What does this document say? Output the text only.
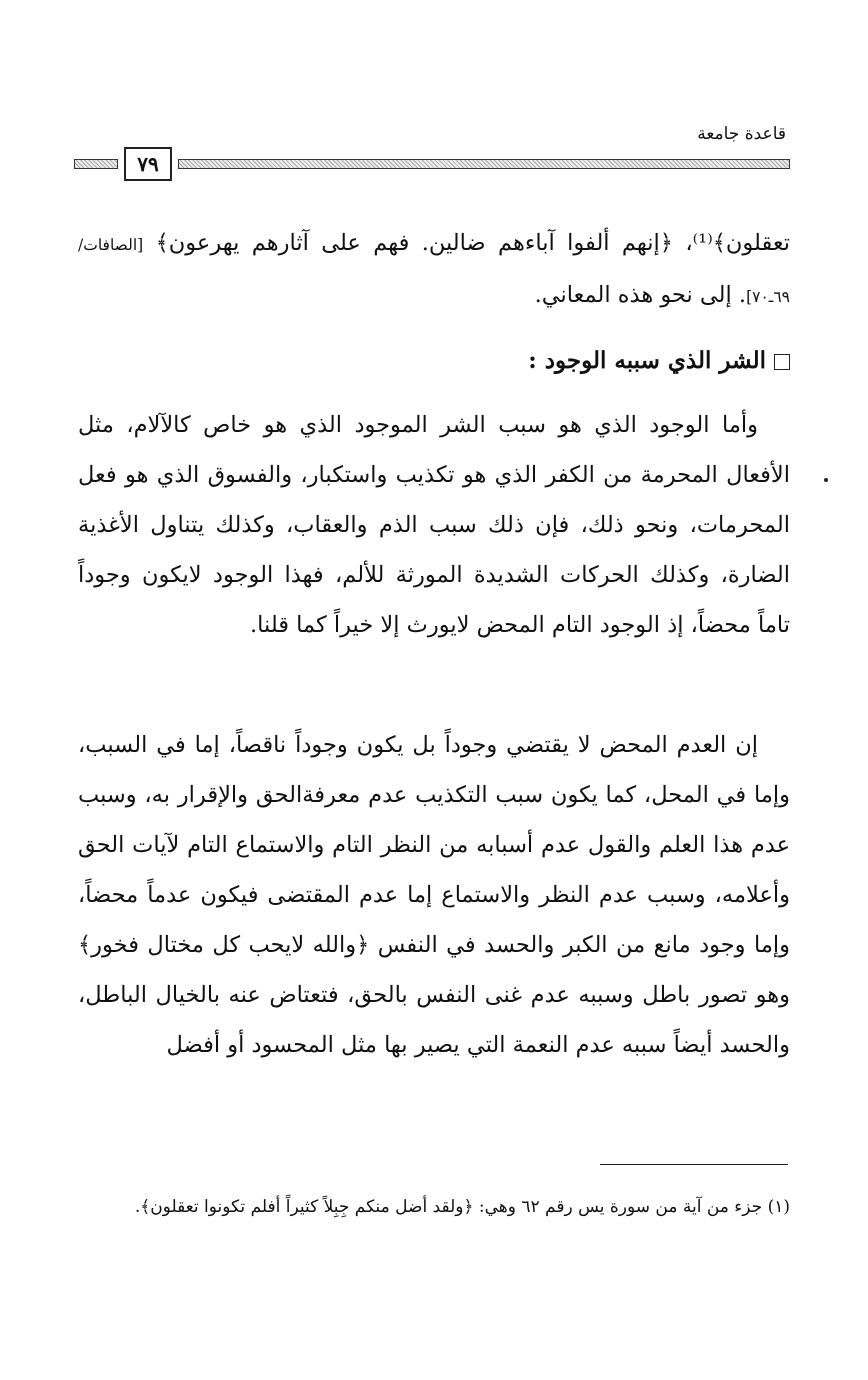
قاعدة جامعة
٧٩
تعقلون﴾⁽¹⁾، ﴿إنهم ألفوا آباءهم ضالين. فهم على آثارهم يهرعون﴾ [الصافات/ ٦٩ـ٧٠]. إلى نحو هذه المعاني.
الشر الذي سببه الوجود :
وأما الوجود الذي هو سبب الشر الموجود الذي هو خاص كالآلام، مثل الأفعال المحرمة من الكفر الذي هو تكذيب واستكبار، والفسوق الذي هو فعل المحرمات، ونحو ذلك، فإن ذلك سبب الذم والعقاب، وكذلك يتناول الأغذية الضارة، وكذلك الحركات الشديدة المورثة للألم، فهذا الوجود لايكون وجوداً تاماً محضاً، إذ الوجود التام المحض لايورث إلا خيراً كما قلنا.
إن العدم المحض لا يقتضي وجوداً بل يكون وجوداً ناقصاً، إما في السبب، وإما في المحل، كما يكون سبب التكذيب عدم معرفةالحق والإقرار به، وسبب عدم هذا العلم والقول عدم أسبابه من النظر التام والاستماع التام لآيات الحق وأعلامه، وسبب عدم النظر والاستماع إما عدم المقتضى فيكون عدماً محضاً، وإما وجود مانع من الكبر والحسد في النفس ﴿والله لايحب كل مختال فخور﴾ وهو تصور باطل وسببه عدم غنى النفس بالحق، فتعتاض عنه بالخيال الباطل، والحسد أيضاً سببه عدم النعمة التي يصير بها مثل المحسود أو أفضل
(١) جزء من آية من سورة يس رقم ٦٢ وهي: ﴿ولقد أضل منكم جِبِلاً كثيراً أفلم تكونوا تعقلون﴾.
